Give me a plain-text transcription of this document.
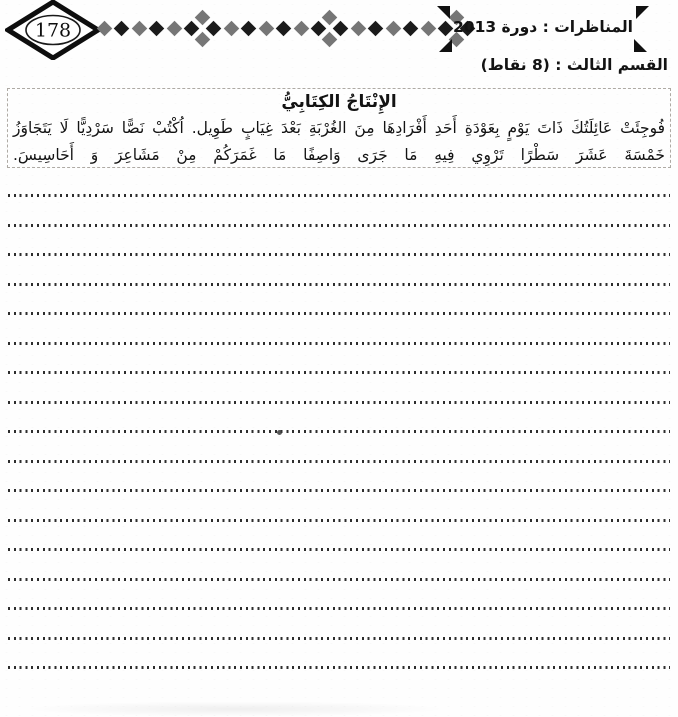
178	المناظرات : دورة 2013
القسم الثالث : (8 نقاط)
الإِنْتَاجُ الكِتَابِيُّ
فُوجِئَتْ عَائِلَتُكَ ذَاتَ يَوْمٍ بِعَوْدَةِ أَحَدِ أَفْرَادِهَا مِنَ الغُرْبَةِ بَعْدَ غِيَابٍ طَوِيل. اُكْتُبْ نَصًّا سَرْدِيًّا لَا يَتَجَاوَزُ
خَمْسَةَ عَشَرَ سَطْرًا تَرْوِي فِيهِ مَا جَرَى وَاصِفًا مَا غَمَرَكُمْ مِنْ مَشَاعِرَ وَ أَحَاسِيسَ.
